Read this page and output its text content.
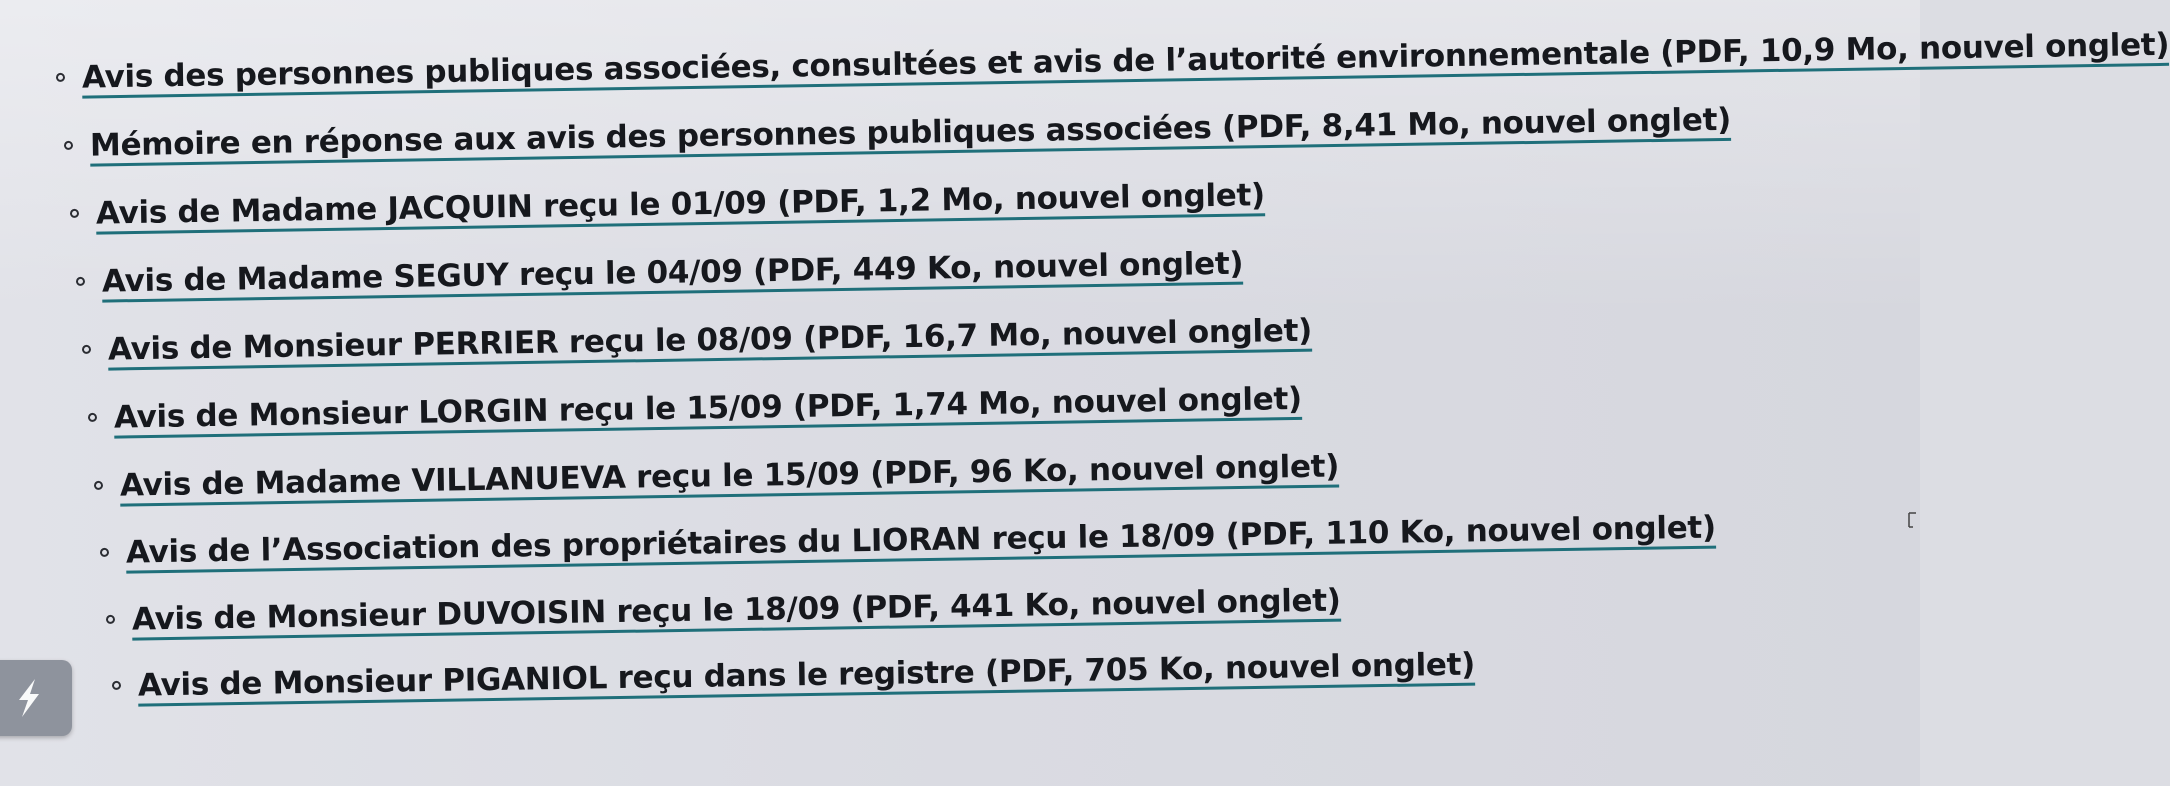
Avis des personnes publiques associées, consultées et avis de l’autorité environnementale (PDF, 10,9 Mo, nouvel onglet)
Mémoire en réponse aux avis des personnes publiques associées (PDF, 8,41 Mo, nouvel onglet)
Avis de Madame JACQUIN reçu le 01/09 (PDF, 1,2 Mo, nouvel onglet)
Avis de Madame SEGUY reçu le 04/09 (PDF, 449 Ko, nouvel onglet)
Avis de Monsieur PERRIER reçu le 08/09 (PDF, 16,7 Mo, nouvel onglet)
Avis de Monsieur LORGIN reçu le 15/09 (PDF, 1,74 Mo, nouvel onglet)
Avis de Madame VILLANUEVA reçu le 15/09 (PDF, 96 Ko, nouvel onglet)
Avis de l’Association des propriétaires du LIORAN reçu le 18/09 (PDF, 110 Ko, nouvel onglet)
Avis de Monsieur DUVOISIN reçu le 18/09 (PDF, 441 Ko, nouvel onglet)
Avis de Monsieur PIGANIOL reçu dans le registre (PDF, 705 Ko, nouvel onglet)
